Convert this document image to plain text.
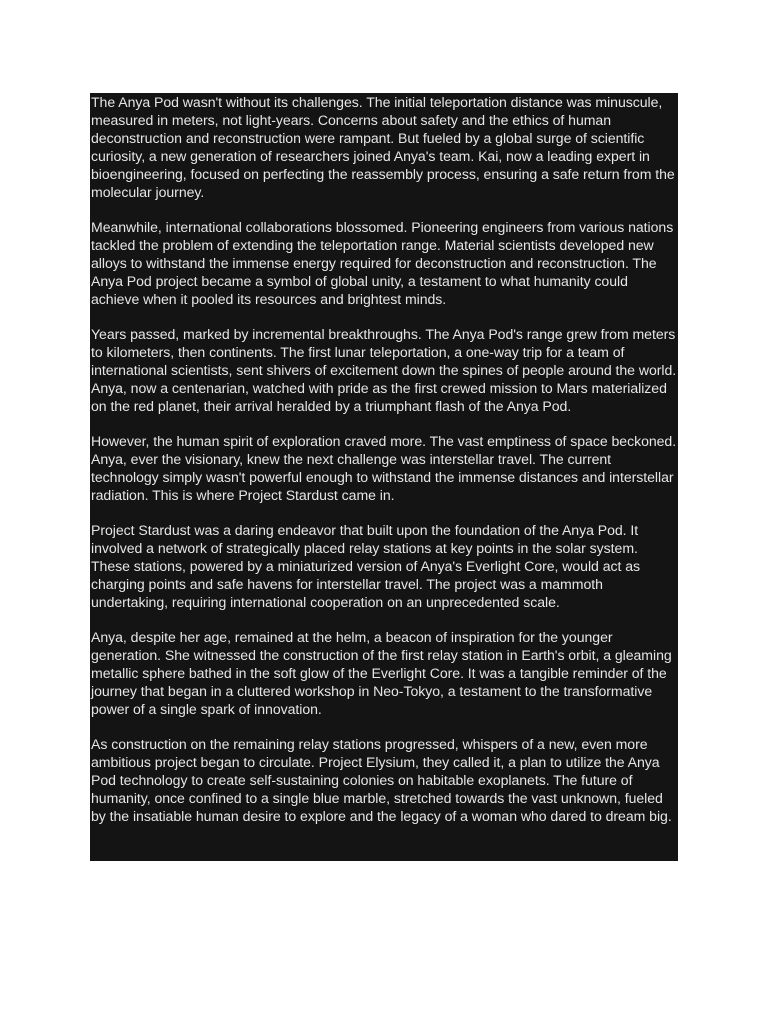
The Anya Pod wasn't without its challenges. The initial teleportation distance was minuscule, measured in meters, not light-years. Concerns about safety and the ethics of human deconstruction and reconstruction were rampant. But fueled by a global surge of scientific curiosity, a new generation of researchers joined Anya's team. Kai, now a leading expert in bioengineering, focused on perfecting the reassembly process, ensuring a safe return from the molecular journey.

Meanwhile, international collaborations blossomed. Pioneering engineers from various nations tackled the problem of extending the teleportation range. Material scientists developed new alloys to withstand the immense energy required for deconstruction and reconstruction. The Anya Pod project became a symbol of global unity, a testament to what humanity could achieve when it pooled its resources and brightest minds.

Years passed, marked by incremental breakthroughs. The Anya Pod's range grew from meters to kilometers, then continents. The first lunar teleportation, a one-way trip for a team of international scientists, sent shivers of excitement down the spines of people around the world. Anya, now a centenarian, watched with pride as the first crewed mission to Mars materialized on the red planet, their arrival heralded by a triumphant flash of the Anya Pod.

However, the human spirit of exploration craved more. The vast emptiness of space beckoned. Anya, ever the visionary, knew the next challenge was interstellar travel. The current technology simply wasn't powerful enough to withstand the immense distances and interstellar radiation. This is where Project Stardust came in.

Project Stardust was a daring endeavor that built upon the foundation of the Anya Pod. It involved a network of strategically placed relay stations at key points in the solar system. These stations, powered by a miniaturized version of Anya's Everlight Core, would act as charging points and safe havens for interstellar travel. The project was a mammoth undertaking, requiring international cooperation on an unprecedented scale.

Anya, despite her age, remained at the helm, a beacon of inspiration for the younger generation. She witnessed the construction of the first relay station in Earth's orbit, a gleaming metallic sphere bathed in the soft glow of the Everlight Core. It was a tangible reminder of the journey that began in a cluttered workshop in Neo-Tokyo, a testament to the transformative power of a single spark of innovation.

As construction on the remaining relay stations progressed, whispers of a new, even more ambitious project began to circulate. Project Elysium, they called it, a plan to utilize the Anya Pod technology to create self-sustaining colonies on habitable exoplanets. The future of humanity, once confined to a single blue marble, stretched towards the vast unknown, fueled by the insatiable human desire to explore and the legacy of a woman who dared to dream big.
